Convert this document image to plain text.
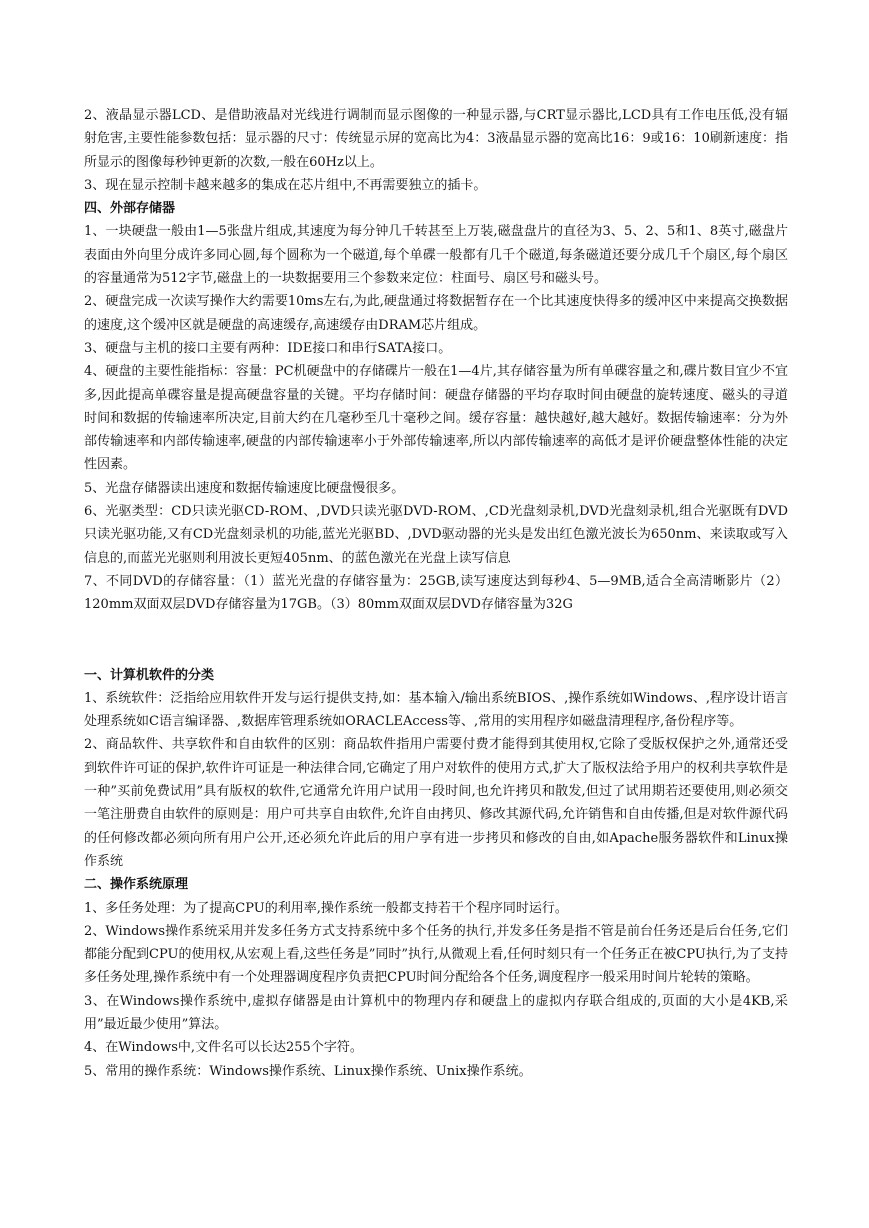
2、液晶显示器LCD、是借助液晶对光线进行调制而显示图像的一种显示器,与CRT显示器比,LCD具有工作电压低,没有辐射危害,主要性能参数包括：显示器的尺寸：传统显示屏的宽高比为4：3液晶显示器的宽高比16：9或16：10刷新速度：指所显示的图像每秒钟更新的次数,一般在60Hz以上。

3、现在显示控制卡越来越多的集成在芯片组中,不再需要独立的插卡。

四、外部存储器

1、一块硬盘一般由1—5张盘片组成,其速度为每分钟几千转甚至上万装,磁盘盘片的直径为3、5、2、5和1、8英寸,磁盘片表面由外向里分成许多同心圆,每个圆称为一个磁道,每个单碟一般都有几千个磁道,每条磁道还要分成几千个扇区,每个扇区的容量通常为512字节,磁盘上的一块数据要用三个参数来定位：柱面号、扇区号和磁头号。

2、硬盘完成一次读写操作大约需要10ms左右,为此,硬盘通过将数据暂存在一个比其速度快得多的缓冲区中来提高交换数据的速度,这个缓冲区就是硬盘的高速缓存,高速缓存由DRAM芯片组成。

3、硬盘与主机的接口主要有两种：IDE接口和串行SATA接口。

4、硬盘的主要性能指标：容量：PC机硬盘中的存储碟片一般在1—4片,其存储容量为所有单碟容量之和,碟片数目宜少不宜多,因此提高单碟容量是提高硬盘容量的关键。平均存储时间：硬盘存储器的平均存取时间由硬盘的旋转速度、磁头的寻道时间和数据的传输速率所决定,目前大约在几毫秒至几十毫秒之间。缓存容量：越快越好,越大越好。数据传输速率：分为外部传输速率和内部传输速率,硬盘的内部传输速率小于外部传输速率,所以内部传输速率的高低才是评价硬盘整体性能的决定性因素。

5、光盘存储器读出速度和数据传输速度比硬盘慢很多。

6、光驱类型：CD只读光驱CD-ROM、,DVD只读光驱DVD-ROM、,CD光盘刻录机,DVD光盘刻录机,组合光驱既有DVD只读光驱功能,又有CD光盘刻录机的功能,蓝光光驱BD、,DVD驱动器的光头是发出红色激光波长为650nm、来读取或写入信息的,而蓝光光驱则利用波长更短405nm、的蓝色激光在光盘上读写信息

7、不同DVD的存储容量：（1）蓝光光盘的存储容量为：25GB,读写速度达到每秒4、5—9MB,适合全高清晰影片（2）120mm双面双层DVD存储容量为17GB。（3）80mm双面双层DVD存储容量为32G

一、计算机软件的分类

1、系统软件：泛指给应用软件开发与运行提供支持,如：基本输入/输出系统BIOS、,操作系统如Windows、,程序设计语言处理系统如C语言编译器、,数据库管理系统如ORACLEAccess等、,常用的实用程序如磁盘清理程序,备份程序等。

2、商品软件、共享软件和自由软件的区别：商品软件指用户需要付费才能得到其使用权,它除了受版权保护之外,通常还受到软件许可证的保护,软件许可证是一种法律合同,它确定了用户对软件的使用方式,扩大了版权法给予用户的权利共享软件是一种”买前免费试用”具有版权的软件,它通常允许用户试用一段时间,也允许拷贝和散发,但过了试用期若还要使用,则必须交一笔注册费自由软件的原则是：用户可共享自由软件,允许自由拷贝、修改其源代码,允许销售和自由传播,但是对软件源代码的任何修改都必须向所有用户公开,还必须允许此后的用户享有进一步拷贝和修改的自由,如Apache服务器软件和Linux操作系统

二、操作系统原理

1、多任务处理：为了提高CPU的利用率,操作系统一般都支持若干个程序同时运行。

2、Windows操作系统采用并发多任务方式支持系统中多个任务的执行,并发多任务是指不管是前台任务还是后台任务,它们都能分配到CPU的使用权,从宏观上看,这些任务是”同时”执行,从微观上看,任何时刻只有一个任务正在被CPU执行,为了支持多任务处理,操作系统中有一个处理器调度程序负责把CPU时间分配给各个任务,调度程序一般采用时间片轮转的策略。

3、在Windows操作系统中,虚拟存储器是由计算机中的物理内存和硬盘上的虚拟内存联合组成的,页面的大小是4KB,采用”最近最少使用”算法。

4、在Windows中,文件名可以长达255个字符。

5、常用的操作系统：Windows操作系统、Linux操作系统、Unix操作系统。
